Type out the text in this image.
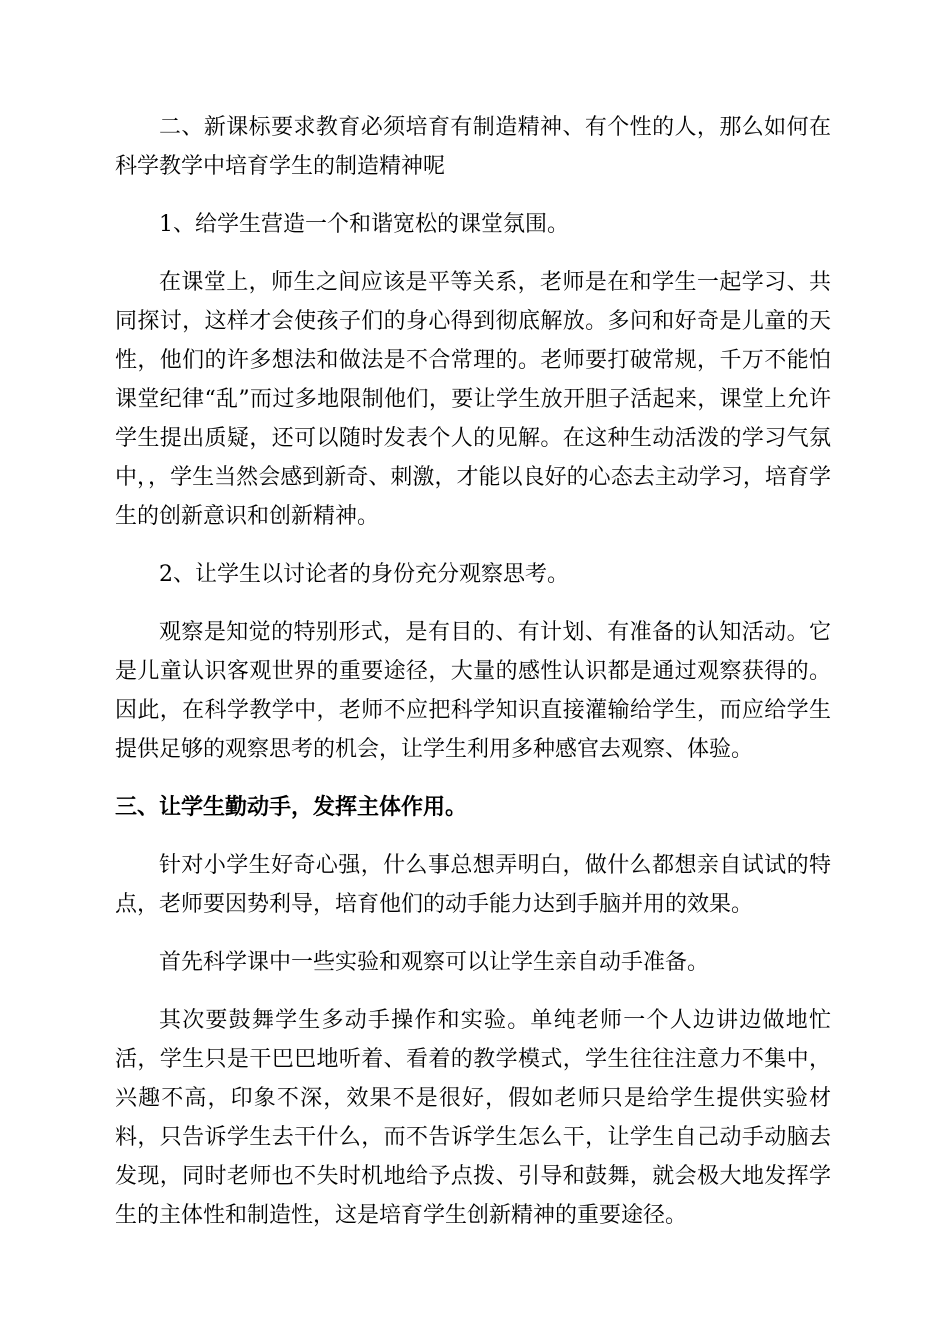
二、新课标要求教育必须培育有制造精神、有个性的人，那么如何在科学教学中培育学生的制造精神呢

1、给学生营造一个和谐宽松的课堂氛围。

在课堂上，师生之间应该是平等关系，老师是在和学生一起学习、共同探讨，这样才会使孩子们的身心得到彻底解放。多问和好奇是儿童的天性，他们的许多想法和做法是不合常理的。老师要打破常规，千万不能怕课堂纪律“乱”而过多地限制他们，要让学生放开胆子活起来，课堂上允许学生提出质疑，还可以随时发表个人的见解。在这种生动活泼的学习气氛中，，学生当然会感到新奇、刺激，才能以良好的心态去主动学习，培育学生的创新意识和创新精神。

2、让学生以讨论者的身份充分观察思考。

观察是知觉的特别形式，是有目的、有计划、有准备的认知活动。它是儿童认识客观世界的重要途径，大量的感性认识都是通过观察获得的。因此，在科学教学中，老师不应把科学知识直接灌输给学生，而应给学生提供足够的观察思考的机会，让学生利用多种感官去观察、体验。

三、让学生勤动手，发挥主体作用。

针对小学生好奇心强，什么事总想弄明白，做什么都想亲自试试的特点，老师要因势利导，培育他们的动手能力达到手脑并用的效果。

首先科学课中一些实验和观察可以让学生亲自动手准备。

其次要鼓舞学生多动手操作和实验。单纯老师一个人边讲边做地忙活，学生只是干巴巴地听着、看着的教学模式，学生往往注意力不集中，兴趣不高，印象不深，效果不是很好，假如老师只是给学生提供实验材料，只告诉学生去干什么，而不告诉学生怎么干，让学生自己动手动脑去发现，同时老师也不失时机地给予点拨、引导和鼓舞，就会极大地发挥学生的主体性和制造性，这是培育学生创新精神的重要途径。
